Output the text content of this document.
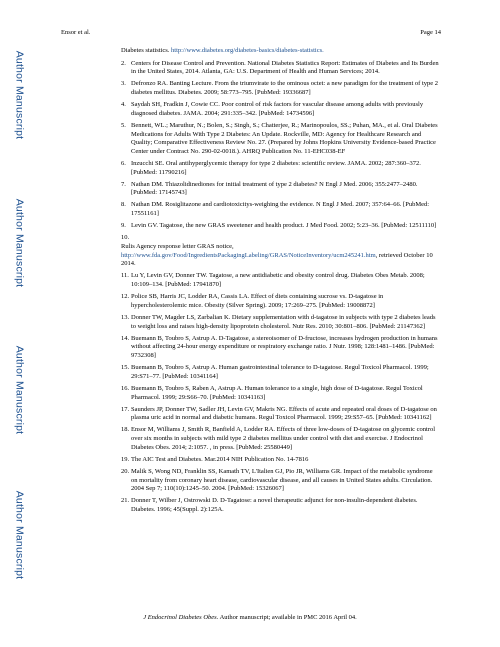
Author Manuscript
Author Manuscript
Author Manuscript
Author Manuscript
Ensor et al.	Page 14
Diabetes statistics. http://www.diabetes.org/diabetes-basics/diabetes-statistics.
2. Centers for Disease Control and Prevention. National Diabetes Statistics Report: Estimates of Diabetes and Its Burden in the United States, 2014. Atlanta, GA: U.S. Department of Health and Human Services; 2014.
3. Defronzo RA. Banting Lecture. From the triumvirate to the ominous octet: a new paradigm for the treatment of type 2 diabetes mellitus. Diabetes. 2009; 58:773–795. [PubMed: 19336687]
4. Saydah SH, Fradkin J, Cowie CC. Poor control of risk factors for vascular disease among adults with previously diagnosed diabetes. JAMA. 2004; 291:335–342. [PubMed: 14734596]
5. Bennett, WL.; Maruthur, N.; Bolen, S.; Singh, S.; Chatterjee, R.; Marinopoulos, SS.; Puhan, MA., et al. Oral Diabetes Medications for Adults With Type 2 Diabetes: An Update. Rockville, MD: Agency for Healthcare Research and Quality; Comparative Effectiveness Review No. 27. (Prepared by Johns Hopkins University Evidence-based Practice Center under Contract No. 290-02-0018.). AHRQ Publication No. 11-EHC038-EF
6. Inzucchi SE. Oral antihyperglycemic therapy for type 2 diabetes: scientific review. JAMA. 2002; 287:360–372. [PubMed: 11790216]
7. Nathan DM. Thiazolidinediones for initial treatment of type 2 diabetes? N Engl J Med. 2006; 355:2477–2480. [PubMed: 17145743]
8. Nathan DM. Rosiglitazone and cardiotoxicitys-weighing the evidence. N Engl J Med. 2007; 357:64–66. [PubMed: 17551161]
9. Levin GV. Tagatose, the new GRAS sweetener and health product. J Med Food. 2002; 5:23–36. [PubMed: 12511110]
10.
Rulis Agency response letter GRAS notice, http://www.fda.gov/Food/IngredientsPackagingLabeling/GRAS/NoticeInventory/ucm245241.htm, retrieved October 10 2014.
11. Lu Y, Levin GV, Donner TW. Tagatose, a new antidiabetic and obesity control drug. Diabetes Obes Metab. 2008; 10:109–134. [PubMed: 17941870]
12. Police SB, Harris JC, Lodder RA, Cassis LA. Effect of diets containing sucrose vs. D-tagatose in hypercholesterolemic mice. Obesity (Silver Spring). 2009; 17:269–275. [PubMed: 19008872]
13. Donner TW, Magder LS, Zarbalian K. Dietary supplementation with d-tagatose in subjects with type 2 diabetes leads to weight loss and raises high-density lipoprotein cholesterol. Nutr Res. 2010; 30:801–806. [PubMed: 21147362]
14. Buemann B, Toubro S, Astrup A. D-Tagatose, a stereoisomer of D-fructose, increases hydrogen production in humans without affecting 24-hour energy expenditure or respiratory exchange ratio. J Nutr. 1998; 128:1481–1486. [PubMed: 9732308]
15. Buemann B, Toubro S, Astrup A. Human gastrointestinal tolerance to D-tagatose. Regul Toxicol Pharmacol. 1999; 29:S71–77. [PubMed: 10341164]
16. Buemann B, Toubro S, Raben A, Astrup A. Human tolerance to a single, high dose of D-tagatose. Regul Toxicol Pharmacol. 1999; 29:S66–70. [PubMed: 10341163]
17. Saunders JP, Donner TW, Sadler JH, Levin GV, Makris NG. Effects of acute and repeated oral doses of D-tagatose on plasma uric acid in normal and diabetic humans. Regul Toxicol Pharmacol. 1999; 29:S57–65. [PubMed: 10341162]
18. Ensor M, Williams J, Smith R, Banfield A, Lodder RA. Effects of three low-doses of D-tagatose on glycemic control over six months in subjects with mild type 2 diabetes mellitus under control with diet and exercise. J Endocrinol Diabetes Obes. 2014; 2:1057. , in press. [PubMed: 25580449]
19. The AIC Test and Diabetes. Mar.2014 NIH Publication No. 14-7816
20. Malik S, Wong ND, Franklin SS, Kamath TV, L'Italien GJ, Pio JR, Williams GR. Impact of the metabolic syndrome on mortality from coronary heart disease, cardiovascular disease, and all causes in United States adults. Circulation. 2004 Sep 7; 110(10):1245–50. 2004. [PubMed: 15326067]
21. Donner T, Wilber J, Ostrowski D. D-Tagatose: a novel therapeutic adjunct for non-insulin-dependent diabetes. Diabetes. 1996; 45(Suppl. 2):125A.
J Endocrinol Diabetes Obes. Author manuscript; available in PMC 2016 April 04.
